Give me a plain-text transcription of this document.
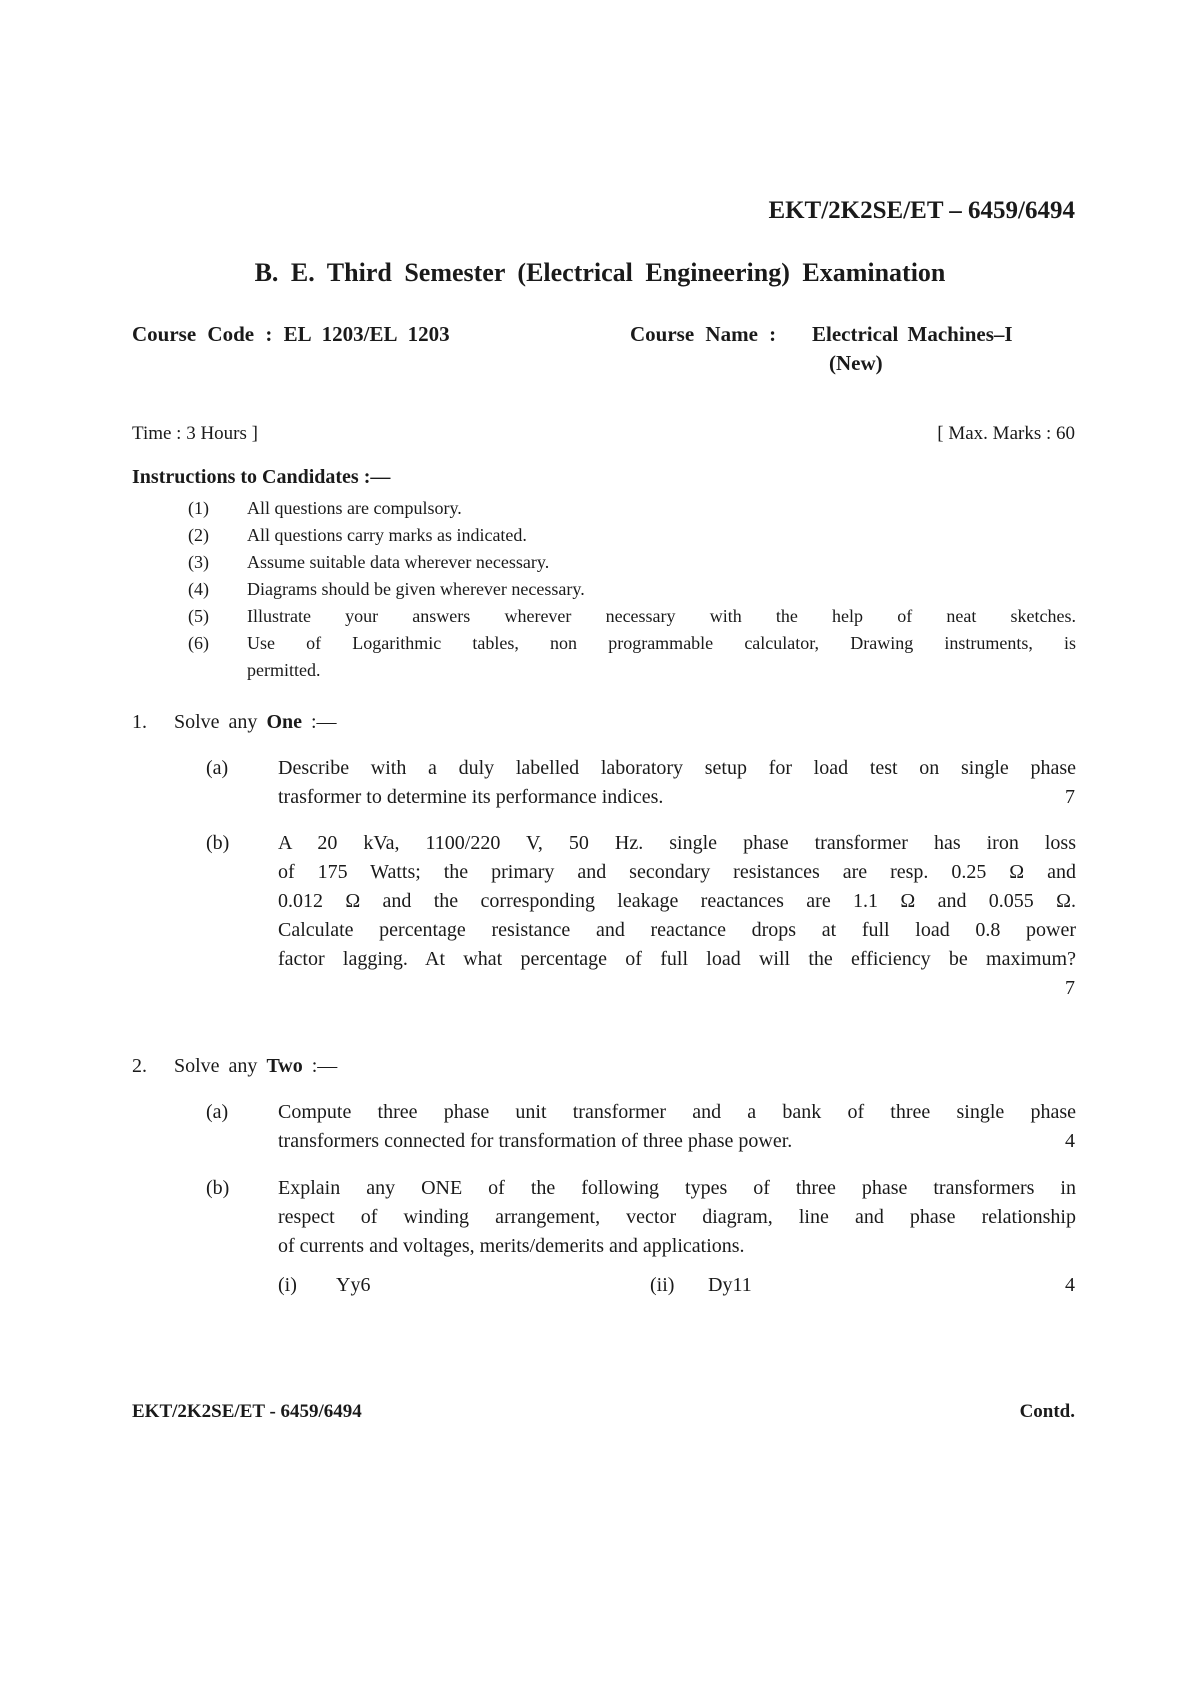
EKT/2K2SE/ET – 6459/6494
B. E. Third Semester (Electrical Engineering) Examination
Course Code : EL 1203/EL 1203	Course Name : Electrical Machines–I
(New)
Time : 3 Hours ]	[ Max. Marks : 60
Instructions to Candidates :—
(1) All questions are compulsory.
(2) All questions carry marks as indicated.
(3) Assume suitable data wherever necessary.
(4) Diagrams should be given wherever necessary.
(5) Illustrate your answers wherever necessary with the help of neat sketches.
(6) Use of Logarithmic tables, non programmable calculator, Drawing instruments, is
permitted.
1. Solve any One :—
(a) Describe with a duly labelled laboratory setup for load test on single phase
trasformer to determine its performance indices.	7
(b) A 20 kVa, 1100/220 V, 50 Hz. single phase transformer has iron loss
of 175 Watts; the primary and secondary resistances are resp. 0.25 Ω and
0.012 Ω and the corresponding leakage reactances are 1.1 Ω and 0.055 Ω.
Calculate percentage resistance and reactance drops at full load 0.8 power
factor lagging. At what percentage of full load will the efficiency be maximum?
7
2. Solve any Two :—
(a) Compute three phase unit transformer and a bank of three single phase
transformers connected for transformation of three phase power.	4
(b) Explain any ONE of the following types of three phase transformers in
respect of winding arrangement, vector diagram, line and phase relationship
of currents and voltages, merits/demerits and applications.
(i) Yy6	(ii) Dy11	4
EKT/2K2SE/ET - 6459/6494	Contd.
